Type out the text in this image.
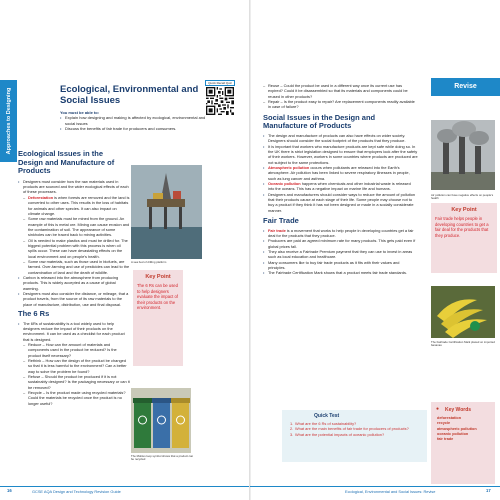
Approaches to Designing	Ecological, Environmental and Social Issues
Quick Recall Quiz
You must be able to:
• Explain how designing and making is affected by ecological, environmental and social issues
• Discuss the benefits of fair trade for producers and consumers.
Ecological Issues in the Design and Manufacture of Products
• Designers must consider how the raw materials used in products are sourced and the wider ecological effects of each of these processes.
– Deforestation is when forests are removed and the land is converted to other uses. This results in the loss of habitats for animals and other species. It can also impact on climate change.
– Some raw materials must be mined from the ground. An example of this is metal ore. Mining can cause erosion and the contamination of soil. The appearance of some sinkholes can be traced back to mining activities.
– Oil is needed to make plastics and must be drilled for. The biggest potential problem with this process is when oil spills occur. These can have devastating effects on the local environment and on people’s health.
– Some raw materials, such as those used in biofuels, are farmed. Over-farming and use of pesticides can lead to the contamination of land and the death of wildlife.
• Carbon is released into the atmosphere from producing products. This is widely accepted as a cause of global warming.
• Designers must also consider the distance, or mileage, that a product travels, from the source of its raw materials to the place of manufacture, distribution, use and final disposal.
The 6 Rs
• The 6Rs of sustainability is a tool widely used to help designers reduce the impact of their products on the environment. It can be used as a checklist for each product that is designed.
– Reduce – How can the amount of materials and components used in the product be reduced? Is the product itself necessary?
– Rethink – How can the design of the product be changed so that it is less harmful to the environment? Can a better way to solve the problem be found?
– Refuse – Should the product be produced if it is not sustainably designed? Is the packaging necessary or can it be removed?
– Recycle – Is the product made using recycled materials? Could the materials be recycled once the product is no longer useful?
A sea bed of drilling platform
Key Point
The 6 Rs can be used to help designers evaluate the impact of their products on the environment.
The Mobius loop symbol shows that a product can be recycled
16	GCSE AQA Design and Technology Revision Guide
Revise
– Reuse – Could the product be used in a different way once its current use has expired? Could it be disassembled so that its materials and components could be reused in other products?
– Repair – Is the product easy to repair? Are replacement components readily available in case of failure?
Social Issues in the Design and Manufacture of Products
• The design and manufacture of products can also have effects on wider society. Designers should consider the social footprint of the products that they produce.
• It is important that workers who manufacture products are kept safe while doing so. In the UK there is strict legislation designed to ensure that employers look after the safety of their workers. However, workers in some countries where products are produced are not subject to the same protections.
• Atmospheric pollution occurs when pollutants are released into the Earth’s atmosphere. Air pollution has been linked to severe respiratory illnesses in people, such as lung cancer and asthma.
• Oceanic pollution happens when chemicals and other industrial waste is released into the oceans. This has a negative impact on marine life and humans.
• Designers and manufacturers should consider ways to reduce the amount of pollution that their products cause at each stage of their life. Some people may choose not to buy a product if they think it has not been designed or made in a socially considerate manner.
Fair Trade
• Fair trade is a movement that works to help people in developing countries get a fair deal for the products that they produce.
• Producers are paid an agreed minimum rate for many products. This gets paid even if global prices fall.
• They also receive a Fairtrade Premium payment that they can use to invest in areas such as local education and healthcare.
• Many consumers like to buy fair trade products as it fits with their values and principles.
• The Fairtrade Certification Mark shows that a product meets fair trade standards.
Air pollution can have negative effects on people’s health
Key Point
Fair trade helps people in developing countries to get a fair deal for the products that they produce.
The Fairtrade Certification Mark placed on imported bananas
● Key Words
deforestation
recycle
atmospheric pollution
oceanic pollution
fair trade
Quick Test
1. What are the 6 Rs of sustainability?
2. What are the main benefits of fair trade for producers of products?
3. What are the potential impacts of oceanic pollution?
Ecological, Environmental and Social Issues: Revise	17
